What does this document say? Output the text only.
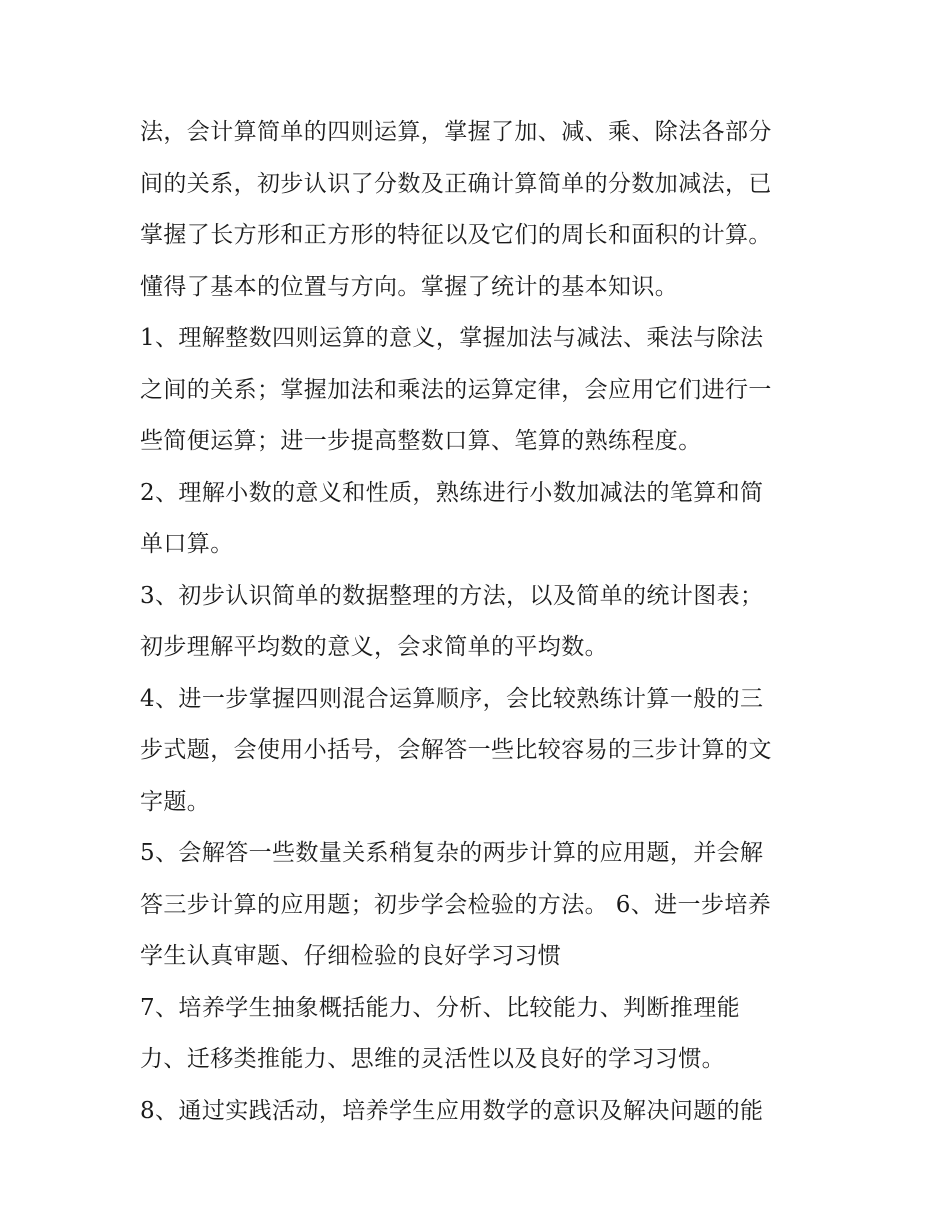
法，会计算简单的四则运算，掌握了加、减、乘、除法各部分
间的关系，初步认识了分数及正确计算简单的分数加减法，已
掌握了长方形和正方形的特征以及它们的周长和面积的计算。
懂得了基本的位置与方向。掌握了统计的基本知识。
1、理解整数四则运算的意义，掌握加法与减法、乘法与除法
之间的关系；掌握加法和乘法的运算定律，会应用它们进行一
些简便运算；进一步提高整数口算、笔算的熟练程度。
2、理解小数的意义和性质，熟练进行小数加减法的笔算和简
单口算。
3、初步认识简单的数据整理的方法，以及简单的统计图表；
初步理解平均数的意义，会求简单的平均数。
4、进一步掌握四则混合运算顺序，会比较熟练计算一般的三
步式题，会使用小括号，会解答一些比较容易的三步计算的文
字题。
5、会解答一些数量关系稍复杂的两步计算的应用题，并会解
答三步计算的应用题；初步学会检验的方法。 6、进一步培养
学生认真审题、仔细检验的良好学习习惯
7、培养学生抽象概括能力、分析、比较能力、判断推理能
力、迁移类推能力、思维的灵活性以及良好的学习习惯。
8、通过实践活动，培养学生应用数学的意识及解决问题的能
